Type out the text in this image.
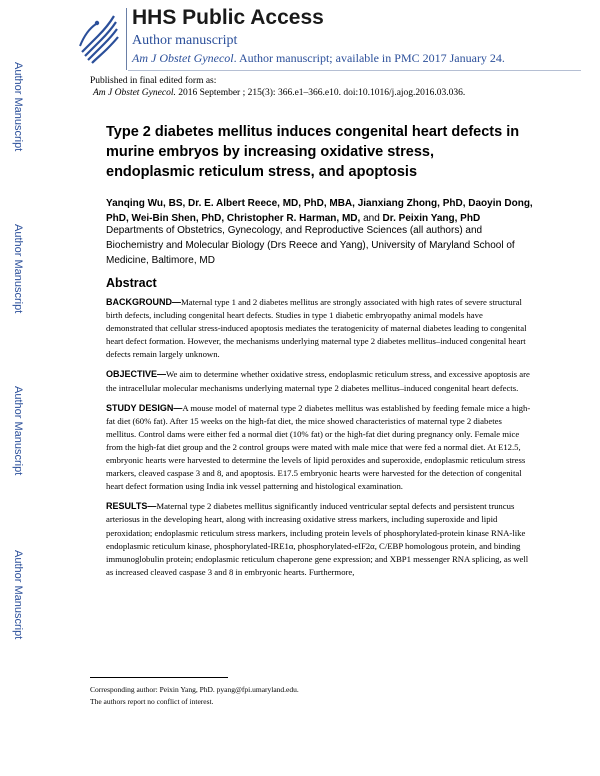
HHS Public Access
Author manuscript
Am J Obstet Gynecol. Author manuscript; available in PMC 2017 January 24.
Author Manuscript
Author Manuscript
Author Manuscript
Author Manuscript
Published in final edited form as:
Am J Obstet Gynecol. 2016 September ; 215(3): 366.e1–366.e10. doi:10.1016/j.ajog.2016.03.036.
Type 2 diabetes mellitus induces congenital heart defects in murine embryos by increasing oxidative stress, endoplasmic reticulum stress, and apoptosis

Yanqing Wu, BS, Dr. E. Albert Reece, MD, PhD, MBA, Jianxiang Zhong, PhD, Daoyin Dong, PhD, Wei-Bin Shen, PhD, Christopher R. Harman, MD, and Dr. Peixin Yang, PhD

Departments of Obstetrics, Gynecology, and Reproductive Sciences (all authors) and Biochemistry and Molecular Biology (Drs Reece and Yang), University of Maryland School of Medicine, Baltimore, MD

Abstract

BACKGROUND—Maternal type 1 and 2 diabetes mellitus are strongly associated with high rates of severe structural birth defects, including congenital heart defects. Studies in type 1 diabetic embryopathy animal models have demonstrated that cellular stress-induced apoptosis mediates the teratogenicity of maternal diabetes leading to congenital heart defect formation. However, the mechanisms underlying maternal type 2 diabetes mellitus–induced congenital heart defects remain largely unknown.

OBJECTIVE—We aim to determine whether oxidative stress, endoplasmic reticulum stress, and excessive apoptosis are the intracellular molecular mechanisms underlying maternal type 2 diabetes mellitus–induced congenital heart defects.

STUDY DESIGN—A mouse model of maternal type 2 diabetes mellitus was established by feeding female mice a high-fat diet (60% fat). After 15 weeks on the high-fat diet, the mice showed characteristics of maternal type 2 diabetes mellitus. Control dams were either fed a normal diet (10% fat) or the high-fat diet during pregnancy only. Female mice from the high-fat diet group and the 2 control groups were mated with male mice that were fed a normal diet. At E12.5, embryonic hearts were harvested to determine the levels of lipid peroxides and superoxide, endoplasmic reticulum stress markers, cleaved caspase 3 and 8, and apoptosis. E17.5 embryonic hearts were harvested for the detection of congenital heart defect formation using India ink vessel patterning and histological examination.

RESULTS—Maternal type 2 diabetes mellitus significantly induced ventricular septal defects and persistent truncus arteriosus in the developing heart, along with increasing oxidative stress markers, including superoxide and lipid peroxidation; endoplasmic reticulum stress markers, including protein levels of phosphorylated-protein kinase RNA-like endoplasmic reticulum kinase, phosphorylated-IRE1α, phosphorylated-eIF2α, C/EBP homologous protein, and binding immunoglobulin protein; endoplasmic reticulum chaperone gene expression; and XBP1 messenger RNA splicing, as well as increased cleaved caspase 3 and 8 in embryonic hearts. Furthermore,

Corresponding author: Peixin Yang, PhD. pyang@fpi.umaryland.edu.
The authors report no conflict of interest.
